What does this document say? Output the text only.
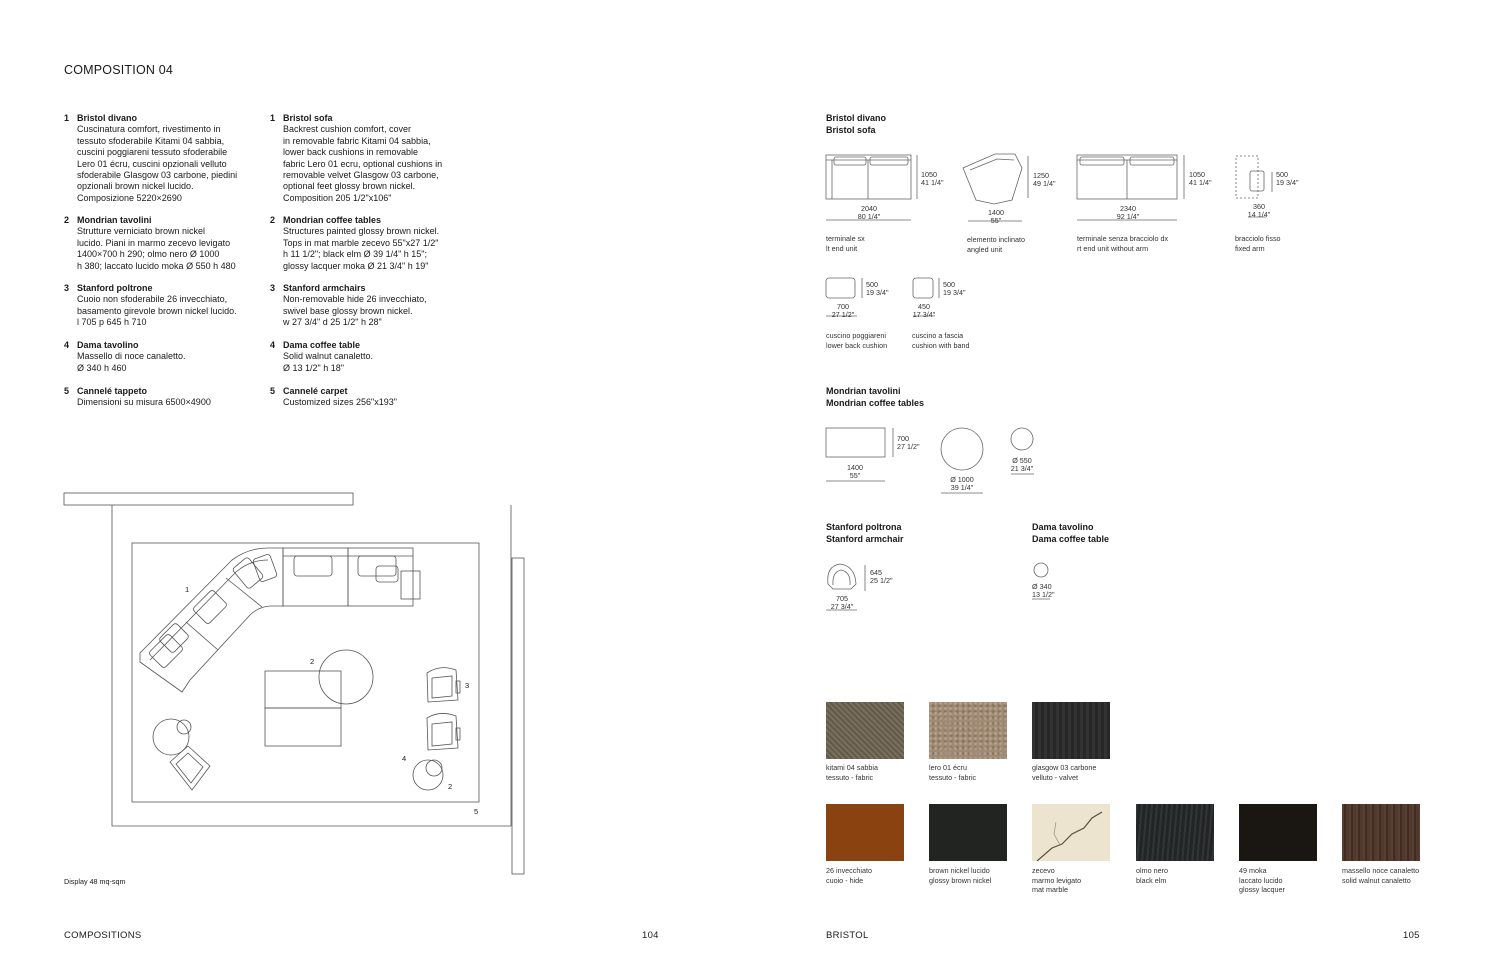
COMPOSITION 04
1 Bristol divano
Cuscinatura comfort, rivestimento in
tessuto sfoderabile Kitami 04 sabbia,
cuscini poggiareni tessuto sfoderabile
Lero 01 écru, cuscini opzionali velluto
sfoderabile Glasgow 03 carbone, piedini
opzionali brown nickel lucido.
Composizione 5220×2690
2 Mondrian tavolini
Strutture verniciato brown nickel
lucido. Piani in marmo zecevo levigato
1400×700 h 290; olmo nero Ø 1000
h 380; laccato lucido moka Ø 550 h 480
3 Stanford poltrone
Cuoio non sfoderabile 26 invecchiato,
basamento girevole brown nickel lucido.
l 705 p 645 h 710
4 Dama tavolino
Massello di noce canaletto.
Ø 340 h 460
5 Cannelé tappeto
Dimensioni su misura 6500×4900
1 Bristol sofa
Backrest cushion comfort, cover
in removable fabric Kitami 04 sabbia,
lower back cushions in removable
fabric Lero 01 ecru, optional cushions in
removable velvet Glasgow 03 carbone,
optional feet glossy brown nickel.
Composition 205 1/2"x106"
2 Mondrian coffee tables
Structures painted glossy brown nickel.
Tops in mat marble zecevo 55"x27 1/2"
h 11 1/2"; black elm Ø 39 1/4" h 15";
glossy lacquer moka Ø 21 3/4" h 19"
3 Stanford armchairs
Non-removable hide 26 invecchiato,
swivel base glossy brown nickel.
w 27 3/4" d 25 1/2" h 28"
4 Dama coffee table
Solid walnut canaletto.
Ø 13 1/2" h 18"
5 Cannelé carpet
Customized sizes 256"x193"
1
2
3
4
2
5
Display 48 mq-sqm
COMPOSITIONS	104
Bristol divano
Bristol sofa
1050
41 1/4"
2040
80 1/4"
terminale sx
lt end unit
1250
49 1/4"
1400
55"
elemento inclinato
angled unit
1050
41 1/4"
2340
92 1/4"
terminale senza bracciolo dx
rt end unit without arm
500
19 3/4"
360
14 1/4"
bracciolo fisso
fixed arm
500
19 3/4"
700
27 1/2"
cuscino poggiareni
lower back cushion
500
19 3/4"
450
17 3/4"
cuscino a fascia
cushion with band
Mondrian tavolini
Mondrian coffee tables
700
27 1/2"
1400
55"	Ø 1000
39 1/4"
Ø 550
21 3/4"
Stanford poltrona
Stanford armchair
645
25 1/2"
705
27 3/4"
Dama tavolino
Dama coffee table
Ø 340
13 1/2"
kitami 04 sabbia
tessuto - fabric
lero 01 écru
tessuto - fabric
glasgow 03 carbone
velluto - valvet
26 invecchiato
cuoio - hide
brown nickel lucido
glossy brown nickel
zecevo
marmo levigato
mat marble
olmo nero
black elm
49 moka
laccato lucido
glossy lacquer
massello noce canaletto
solid walnut canaletto
BRISTOL	105
